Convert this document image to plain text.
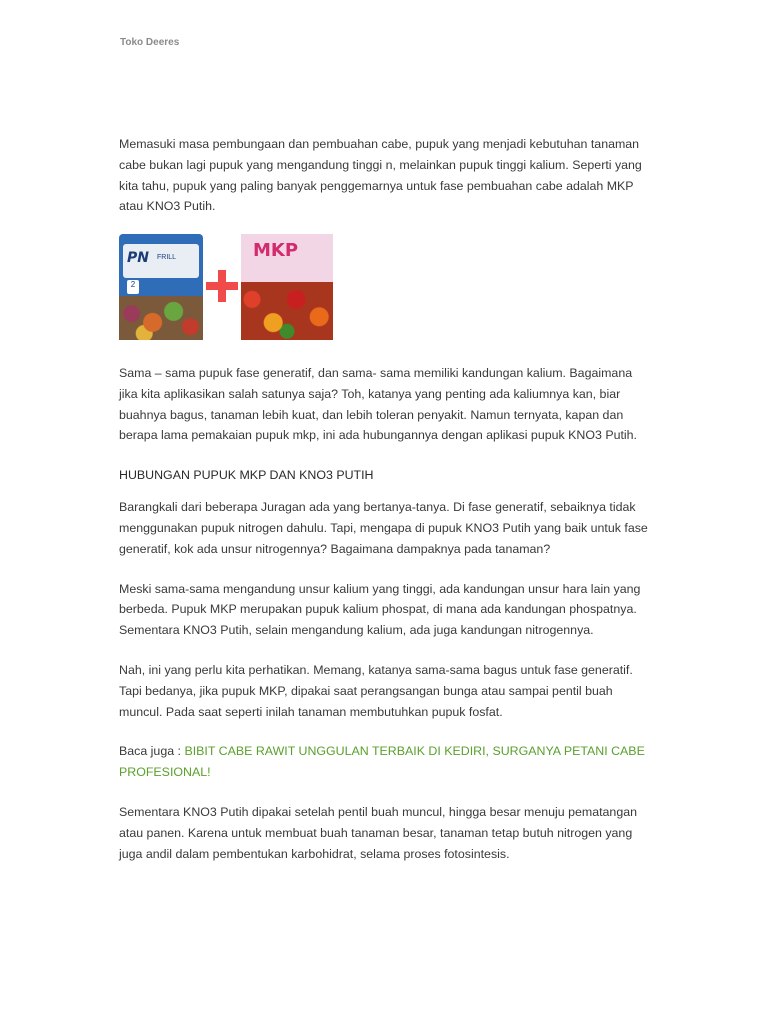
Toko Deeres

Memasuki masa pembungaan dan pembuahan cabe, pupuk yang menjadi kebutuhan tanaman cabe bukan lagi pupuk yang mengandung tinggi n, melainkan pupuk tinggi kalium. Seperti yang kita tahu, pupuk yang paling banyak penggemarnya untuk fase pembuahan cabe adalah MKP atau KNO3 Putih.

PN FRILL
2
MKP

Sama – sama pupuk fase generatif, dan sama- sama memiliki kandungan kalium. Bagaimana jika kita aplikasikan salah satunya saja? Toh, katanya yang penting ada kaliumnya kan, biar buahnya bagus, tanaman lebih kuat, dan lebih toleran penyakit. Namun ternyata, kapan dan berapa lama pemakaian pupuk mkp, ini ada hubungannya dengan aplikasi pupuk KNO3 Putih.

HUBUNGAN PUPUK MKP DAN KNO3 PUTIH

Barangkali dari beberapa Juragan ada yang bertanya-tanya. Di fase generatif, sebaiknya tidak menggunakan pupuk nitrogen dahulu. Tapi, mengapa di pupuk KNO3 Putih yang baik untuk fase generatif, kok ada unsur nitrogennya? Bagaimana dampaknya pada tanaman?

Meski sama-sama mengandung unsur kalium yang tinggi, ada kandungan unsur hara lain yang berbeda. Pupuk MKP merupakan pupuk kalium phospat, di mana ada kandungan phospatnya. Sementara KNO3 Putih, selain mengandung kalium, ada juga kandungan nitrogennya.

Nah, ini yang perlu kita perhatikan. Memang, katanya sama-sama bagus untuk fase generatif. Tapi bedanya, jika pupuk MKP, dipakai saat perangsangan bunga atau sampai pentil buah muncul. Pada saat seperti inilah tanaman membutuhkan pupuk fosfat.

Baca juga : BIBIT CABE RAWIT UNGGULAN TERBAIK DI KEDIRI, SURGANYA PETANI CABE PROFESIONAL!

Sementara KNO3 Putih dipakai setelah pentil buah muncul, hingga besar menuju pematangan atau panen. Karena untuk membuat buah tanaman besar, tanaman tetap butuh nitrogen yang juga andil dalam pembentukan karbohidrat, selama proses fotosintesis.
